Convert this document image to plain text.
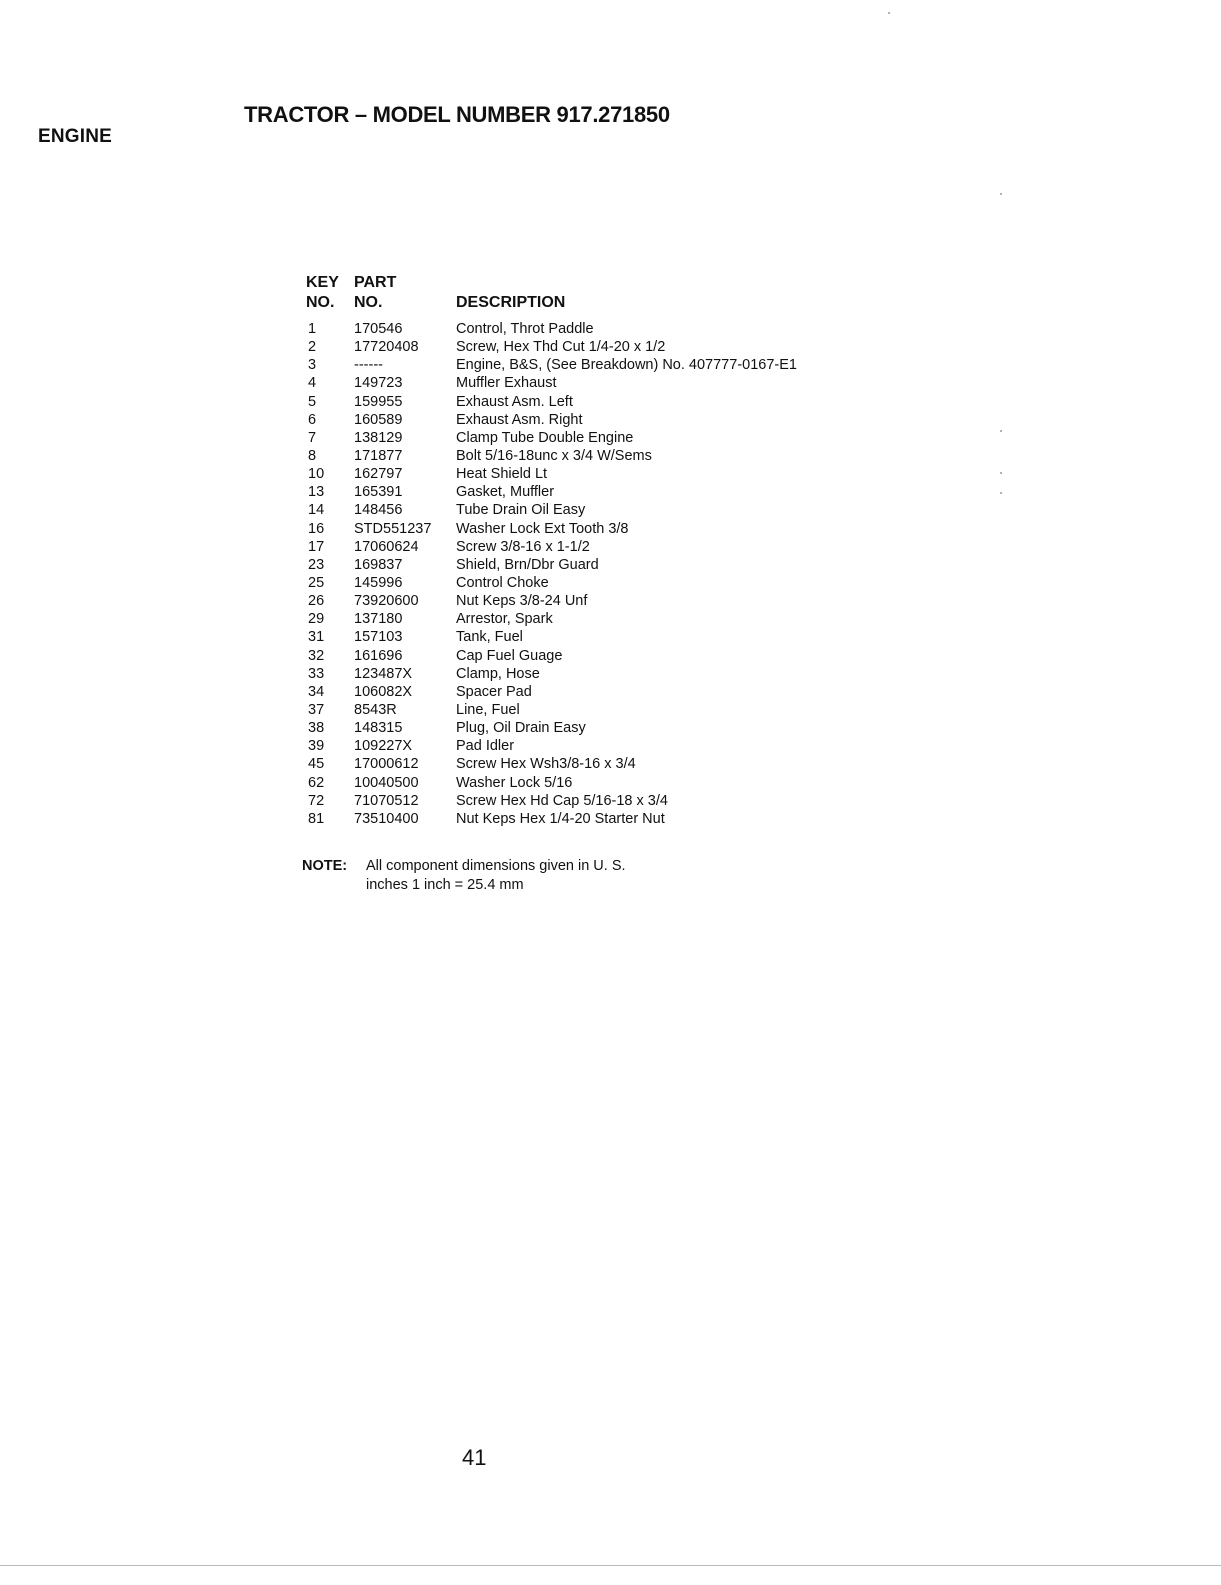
ENGINE
TRACTOR – MODEL NUMBER 917.271850
KEY PART
NO. NO.	DESCRIPTION
1	170546	Control, Throt Paddle
2	17720408	Screw, Hex Thd Cut 1/4-20 x 1/2
3	------	Engine, B&S, (See Breakdown) No. 407777-0167-E1
4	149723	Muffler Exhaust
5	159955	Exhaust Asm. Left
6	160589	Exhaust Asm. Right
7	138129	Clamp Tube Double Engine
8	171877	Bolt 5/16-18unc x 3/4 W/Sems
10 162797	Heat Shield Lt
13 165391	Gasket, Muffler
14 148456	Tube Drain Oil Easy
16 STD551237 Washer Lock Ext Tooth 3/8
17 17060624	Screw 3/8-16 x 1-1/2
23 169837	Shield, Brn/Dbr Guard
25 145996	Control Choke
26 73920600	Nut Keps 3/8-24 Unf
29 137180	Arrestor, Spark
31 157103	Tank, Fuel
32 161696	Cap Fuel Guage
33 123487X	Clamp, Hose
34 106082X	Spacer Pad
37 8543R	Line, Fuel
38 148315	Plug, Oil Drain Easy
39 109227X	Pad Idler
45 17000612	Screw Hex Wsh3/8-16 x 3/4
62 10040500	Washer Lock 5/16
72 71070512	Screw Hex Hd Cap 5/16-18 x 3/4
81 73510400	Nut Keps Hex 1/4-20 Starter Nut
NOTE: All component dimensions given in U. S.
inches 1 inch = 25.4 mm
41
